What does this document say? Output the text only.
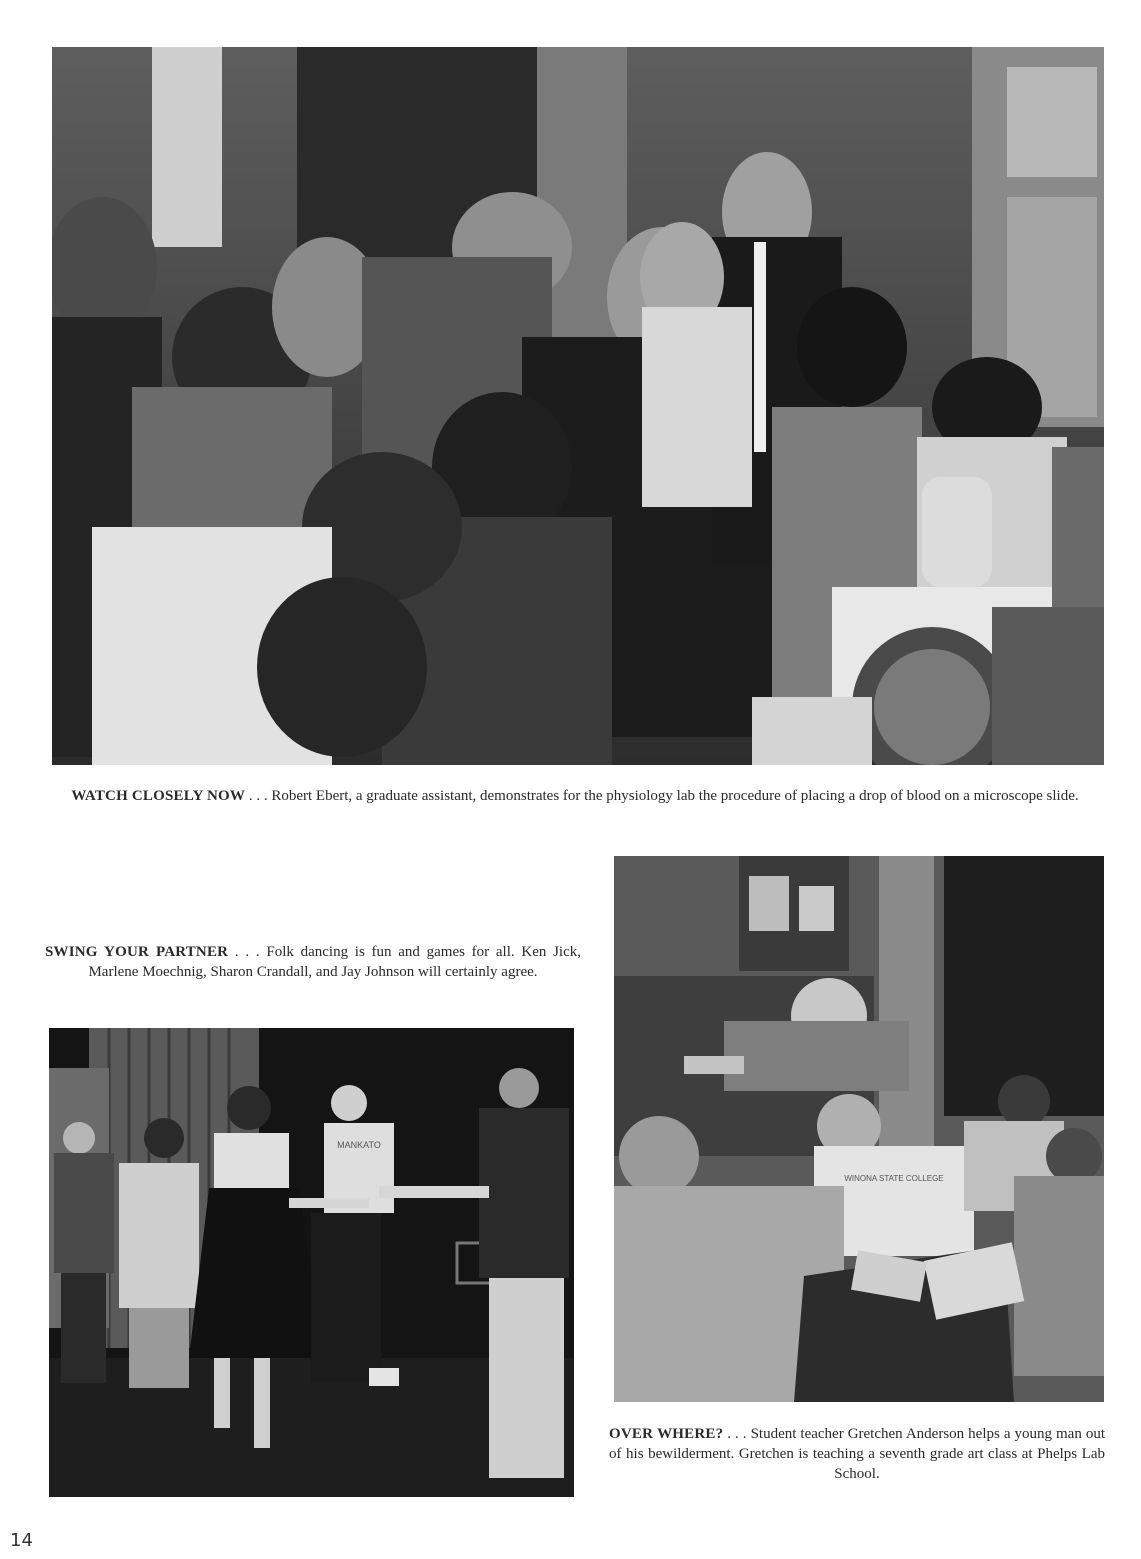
WATCH CLOSELY NOW . . . Robert Ebert, a graduate assistant, demonstrates for the physiology lab the procedure of placing a drop of blood on a microscope slide.
SWING YOUR PARTNER . . . Folk dancing is fun and games for all. Ken Jick, Marlene Moechnig, Sharon Crandall, and Jay Johnson will certainly agree.
MANKATO
WINONA STATE COLLEGE
OVER WHERE? . . . Student teacher Gretchen Anderson helps a young man out of his bewilderment. Gretchen is teaching a seventh grade art class at Phelps Lab School.
14
